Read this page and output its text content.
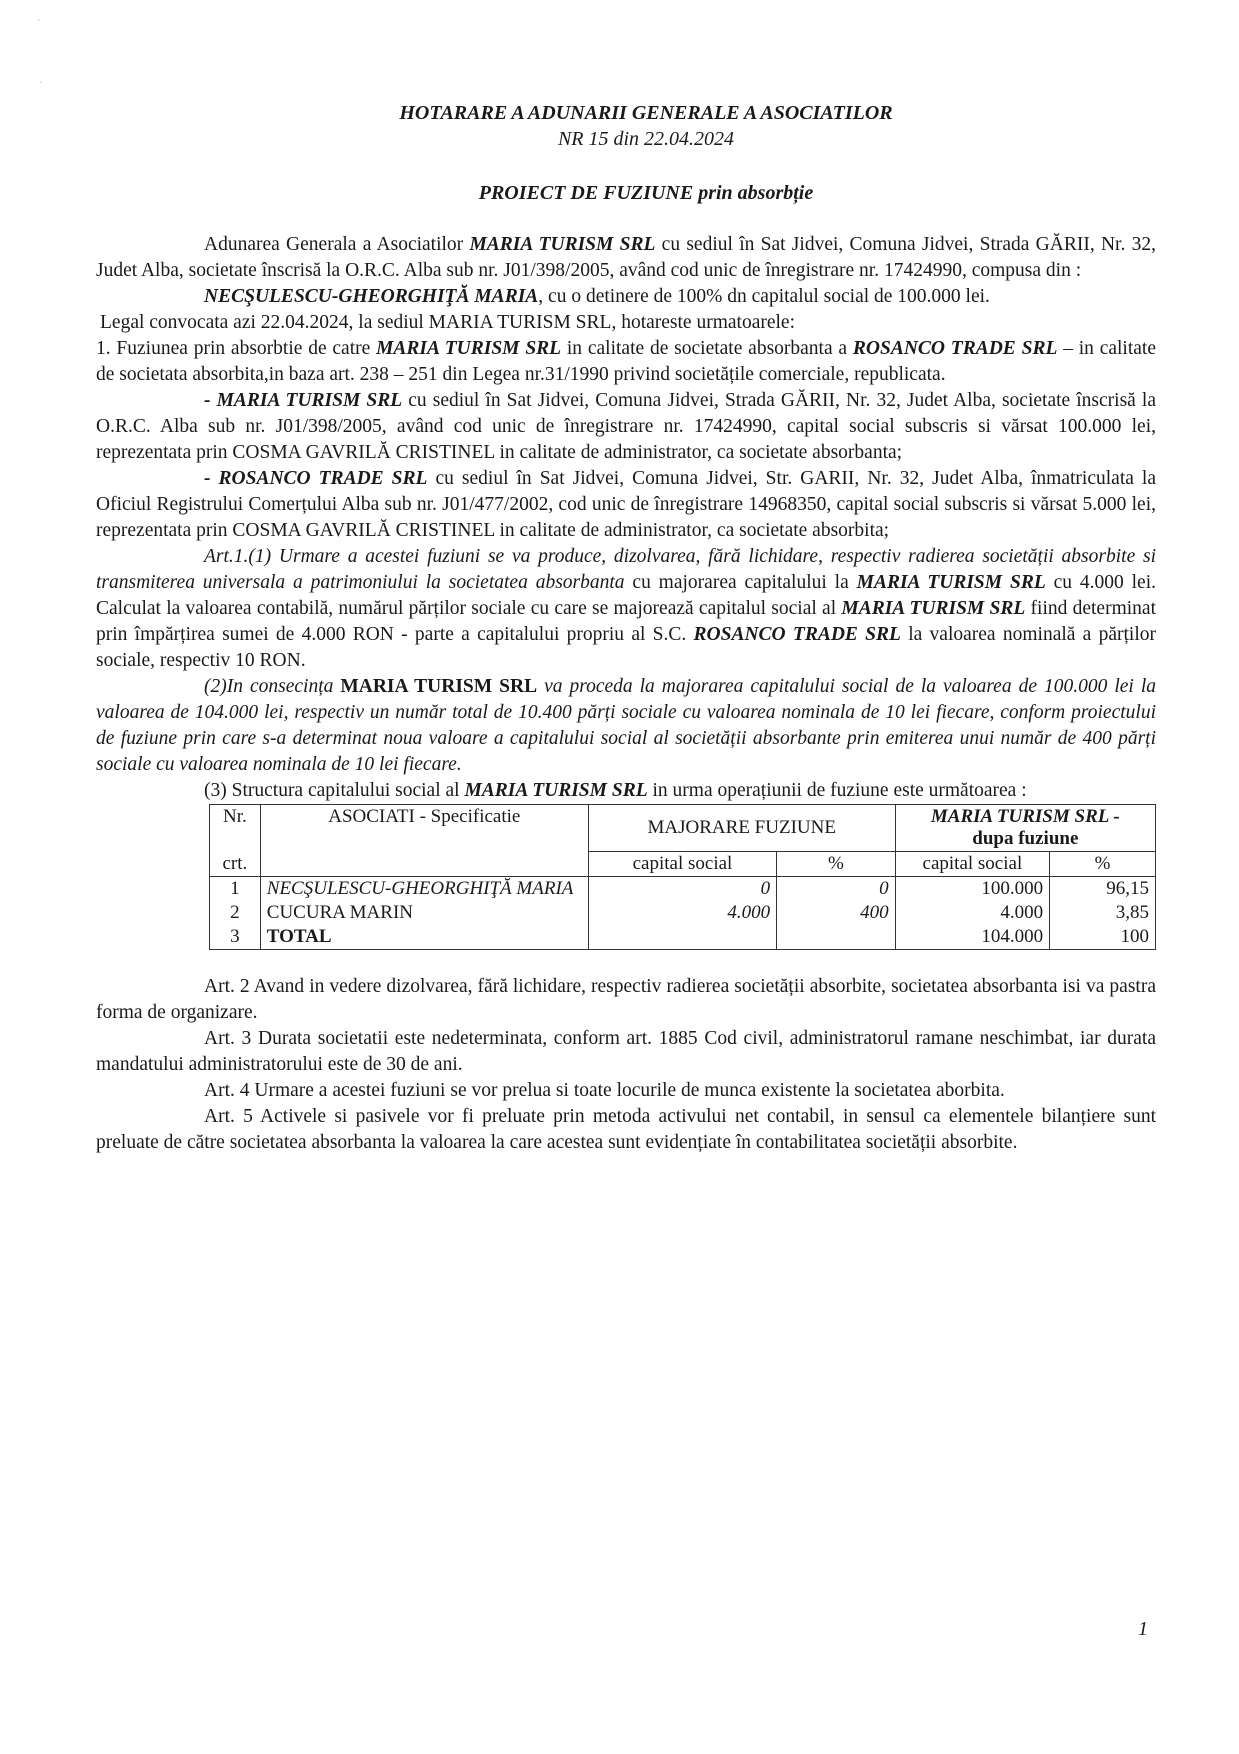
'
'
HOTARARE A ADUNARII GENERALE A ASOCIATILOR
NR 15 din 22.04.2024
PROIECT DE FUZIUNE prin absorbție

Adunarea Generala a Asociatilor MARIA TURISM SRL cu sediul în Sat Jidvei, Comuna Jidvei, Strada GĂRII, Nr. 32, Judet Alba, societate înscrisă la O.R.C. Alba sub nr. J01/398/2005, având cod unic de înregistrare nr. 17424990, compusa din :

NECŞULESCU-GHEORGHIŢĂ MARIA, cu o detinere de 100% dn capitalul social de 100.000 lei.

Legal convocata azi 22.04.2024, la sediul MARIA TURISM SRL, hotareste urmatoarele:

1. Fuziunea prin absorbtie de catre MARIA TURISM SRL in calitate de societate absorbanta a ROSANCO TRADE SRL – in calitate de societata absorbita,in baza art. 238 – 251 din Legea nr.31/1990 privind societățile comerciale, republicata.

- MARIA TURISM SRL cu sediul în Sat Jidvei, Comuna Jidvei, Strada GĂRII, Nr. 32, Judet Alba, societate înscrisă la O.R.C. Alba sub nr. J01/398/2005, având cod unic de înregistrare nr. 17424990, capital social subscris si vărsat 100.000 lei, reprezentata prin COSMA GAVRILĂ CRISTINEL in calitate de administrator, ca societate absorbanta;

- ROSANCO TRADE SRL cu sediul în Sat Jidvei, Comuna Jidvei, Str. GARII, Nr. 32, Judet Alba, înmatriculata la Oficiul Registrului Comerțului Alba sub nr. J01/477/2002, cod unic de înregistrare 14968350, capital social subscris si vărsat 5.000 lei, reprezentata prin COSMA GAVRILĂ CRISTINEL in calitate de administrator, ca societate absorbita;

Art.1.(1) Urmare a acestei fuziuni se va produce, dizolvarea, fără lichidare, respectiv radierea societății absorbite si transmiterea universala a patrimoniului la societatea absorbanta cu majorarea capitalului la MARIA TURISM SRL cu 4.000 lei. Calculat la valoarea contabilă, numărul părților sociale cu care se majorează capitalul social al MARIA TURISM SRL fiind determinat prin împărțirea sumei de 4.000 RON - parte a capitalului propriu al S.C. ROSANCO TRADE SRL la valoarea nominală a părților sociale, respectiv 10 RON.

(2)In consecința MARIA TURISM SRL va proceda la majorarea capitalului social de la valoarea de 100.000 lei la valoarea de 104.000 lei, respectiv un număr total de 10.400 părți sociale cu valoarea nominala de 10 lei fiecare, conform proiectului de fuziune prin care s-a determinat noua valoare a capitalului social al societății absorbante prin emiterea unui număr de 400 părți sociale cu valoarea nominala de 10 lei fiecare.

(3) Structura capitalului social al MARIA TURISM SRL in urma operațiunii de fuziune este următoarea :

Nr.	ASOCIATI - Specificatie	MAJORARE FUZIUNE		MARIA TURISM SRL -
dupa fuziune	

crt.		capital social	%	capital social	%
1	NECŞULESCU-GHEORGHIŢĂ MARIA	0	0	100.000	96,15
2	CUCURA MARIN	4.000	400	4.000	3,85
3	TOTAL			104.000	100

Art. 2 Avand in vedere dizolvarea, fără lichidare, respectiv radierea societății absorbite, societatea absorbanta isi va pastra forma de organizare.

Art. 3 Durata societatii este nedeterminata, conform art. 1885 Cod civil, administratorul ramane neschimbat, iar durata mandatului administratorului este de 30 de ani.

Art. 4 Urmare a acestei fuziuni se vor prelua si toate locurile de munca existente la societatea aborbita.

Art. 5 Activele si pasivele vor fi preluate prin metoda activului net contabil, in sensul ca elementele bilanțiere sunt preluate de către societatea absorbanta la valoarea la care acestea sunt evidențiate în contabilitatea societății absorbite.

1
